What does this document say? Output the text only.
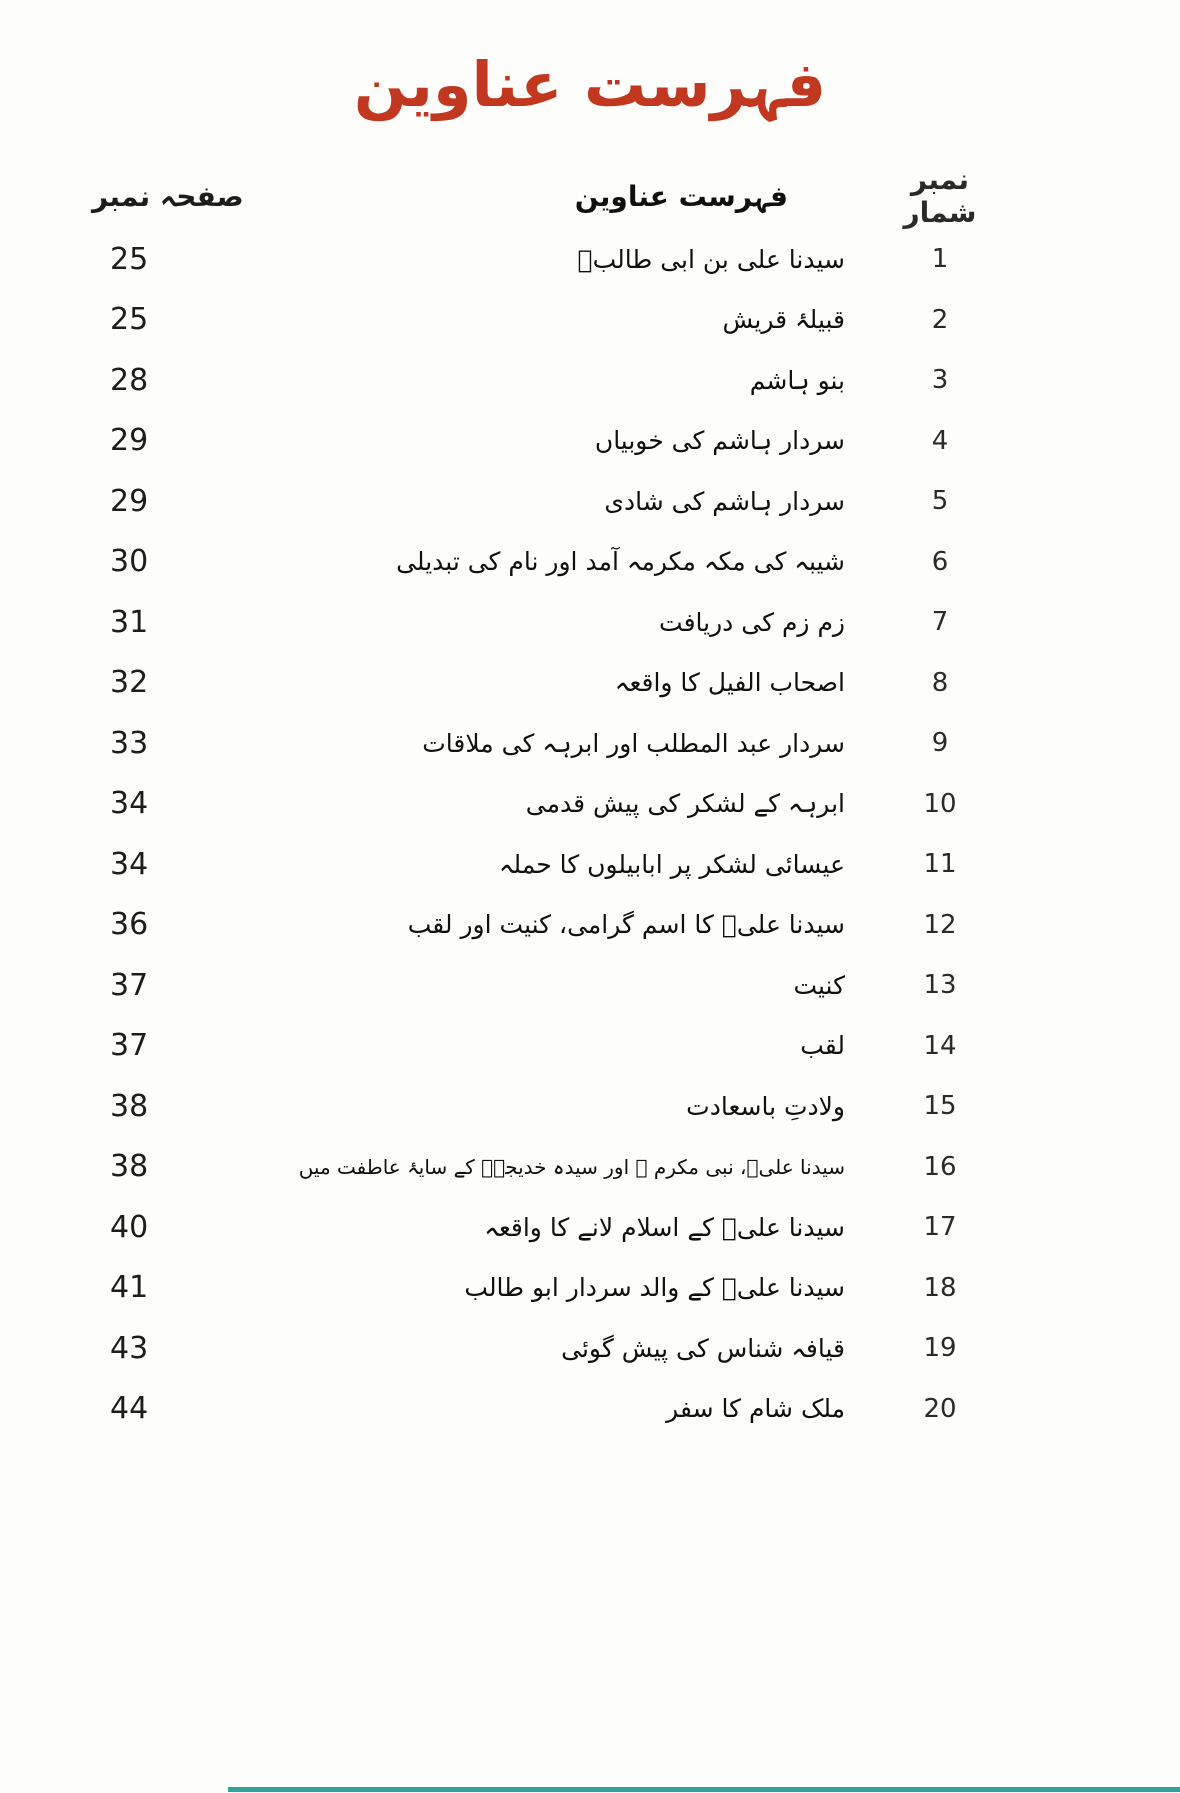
فہرست عناوین
صفحہ نمبر	فہرست عناوین	نمبر شمار
25	سیدنا علی بن ابی طالبؓ	1
25	قبیلۂ قریش	2
28	بنو ہاشم	3
29	سردار ہاشم کی خوبیاں	4
29	سردار ہاشم کی شادی	5
30	شیبہ کی مکہ مکرمہ آمد اور نام کی تبدیلی	6
31	زم زم کی دریافت	7
32	اصحاب الفیل کا واقعہ	8
33	سردار عبد المطلب اور ابرہہ کی ملاقات	9
34	ابرہہ کے لشکر کی پیش قدمی	10
34	عیسائی لشکر پر ابابیلوں کا حملہ	11
36	سیدنا علیؓ کا اسم گرامی، کنیت اور لقب	12
37	کنیت	13
37	لقب	14
38	ولادتِ باسعادت	15
38	سیدنا علیؓ، نبی مکرم ﷺ اور سیدہ خدیجہؓ کے سایۂ عاطفت میں	16
40	سیدنا علیؓ کے اسلام لانے کا واقعہ	17
41	سیدنا علیؓ کے والد سردار ابو طالب	18
43	قیافہ شناس کی پیش گوئی	19
44	ملک شام کا سفر	20
